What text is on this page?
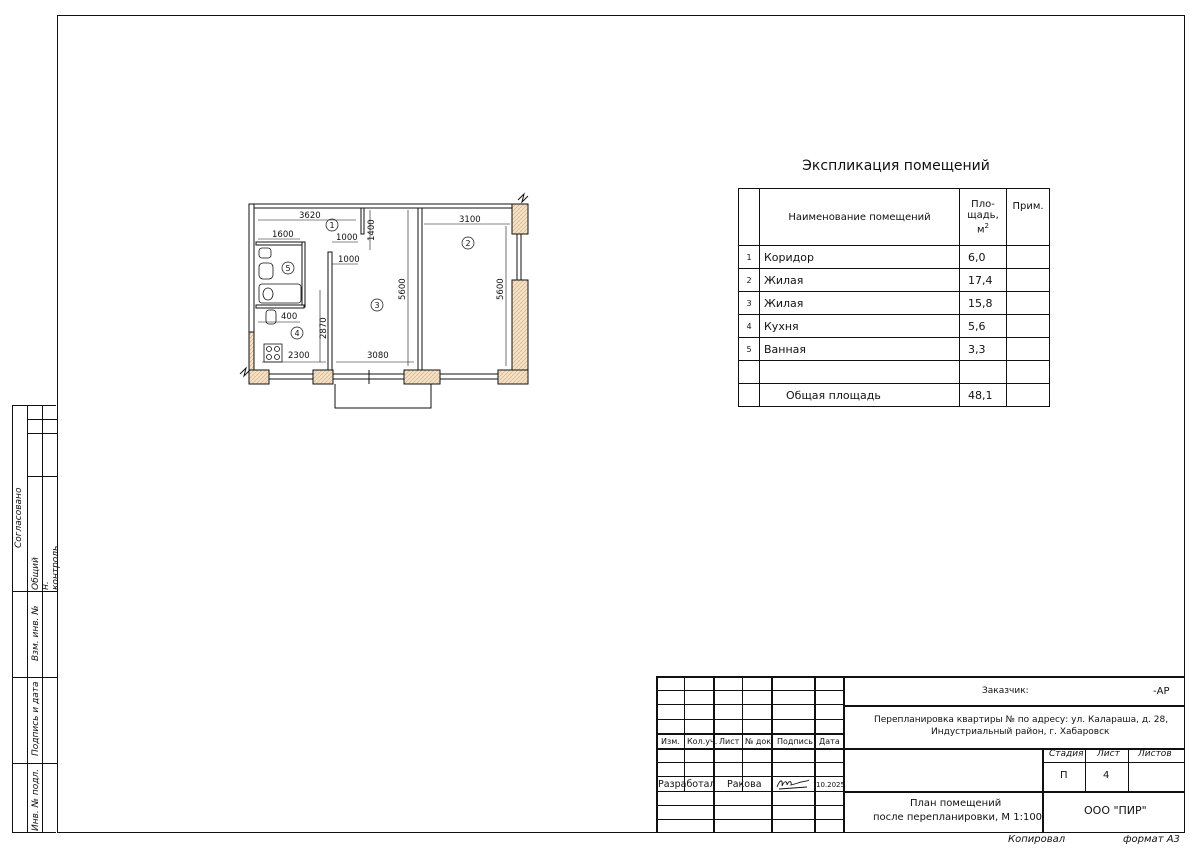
Согласовано
Общий н. контроль
Взм. инв. №
Подпись и дата
Инв. № подл.
1
2
3
4
5
3620	3100
1600	1000
1000
400
2300	3080
1400
5600	5600
2870
Экспликация помещений
	Наименование помещений	Пло-
щадь,
$м^2$	Прим.
1	Коридор	6,0	
2	Жилая	17,4	
3	Жилая	15,8	
4	Кухня	5,6	
5	Ванная	3,3	

	Общая площадь	48,1	
Заказчик:	-АР
Перепланировка квартиры № по адресу: ул. Калараша, д. 28,
Индустриальный район, г. Хабаровск
Изм. Кол.уч. Лист № док. Подпись Дата
Стадия Лист Листов
П	4
Разработал Ракова	10.2025
План помещений
после перепланировки, М 1:100
ООО "ПИР"
Копировал	формат А3
